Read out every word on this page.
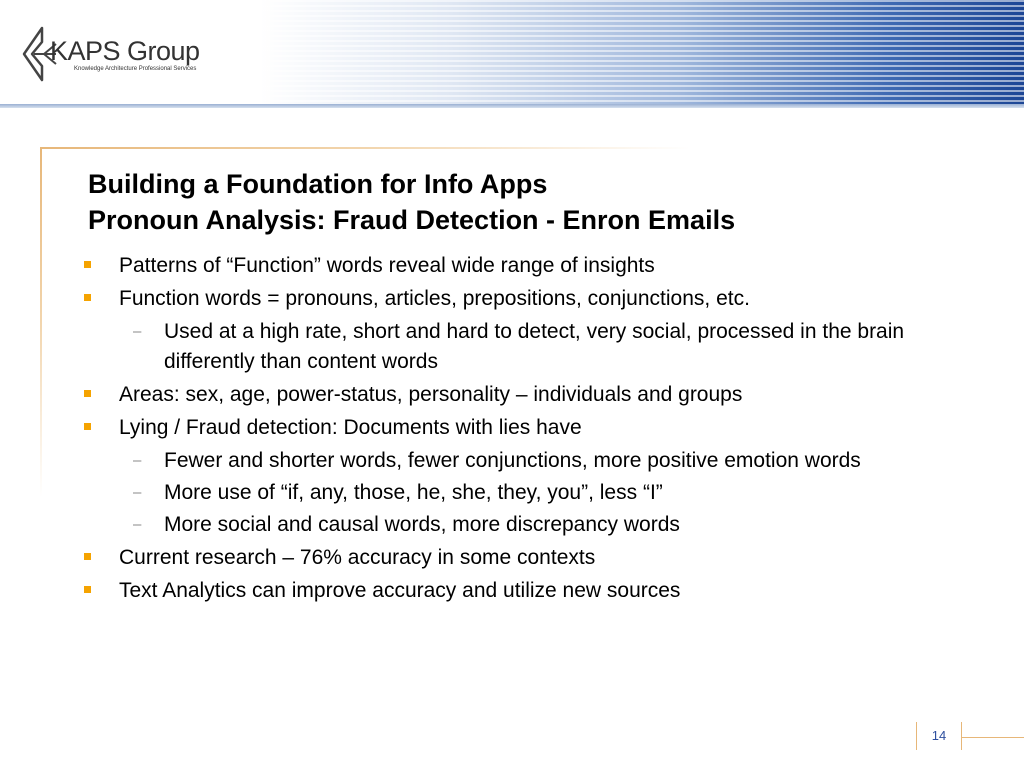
KAPS Group
Knowledge Architecture Professional Services
Building a Foundation for Info Apps
Pronoun Analysis: Fraud Detection - Enron Emails
Patterns of “Function” words reveal wide range of insights
Function words = pronouns, articles, prepositions, conjunctions, etc.
– Used at a high rate, short and hard to detect, very social, processed in the brain differently than content words
Areas: sex, age, power-status, personality – individuals and groups
Lying / Fraud detection: Documents with lies have
– Fewer and shorter words, fewer conjunctions, more positive emotion words
– More use of “if, any, those, he, she, they, you”, less “I”
– More social and causal words, more discrepancy words
Current research – 76% accuracy in some contexts
Text Analytics can improve accuracy and utilize new sources
14
